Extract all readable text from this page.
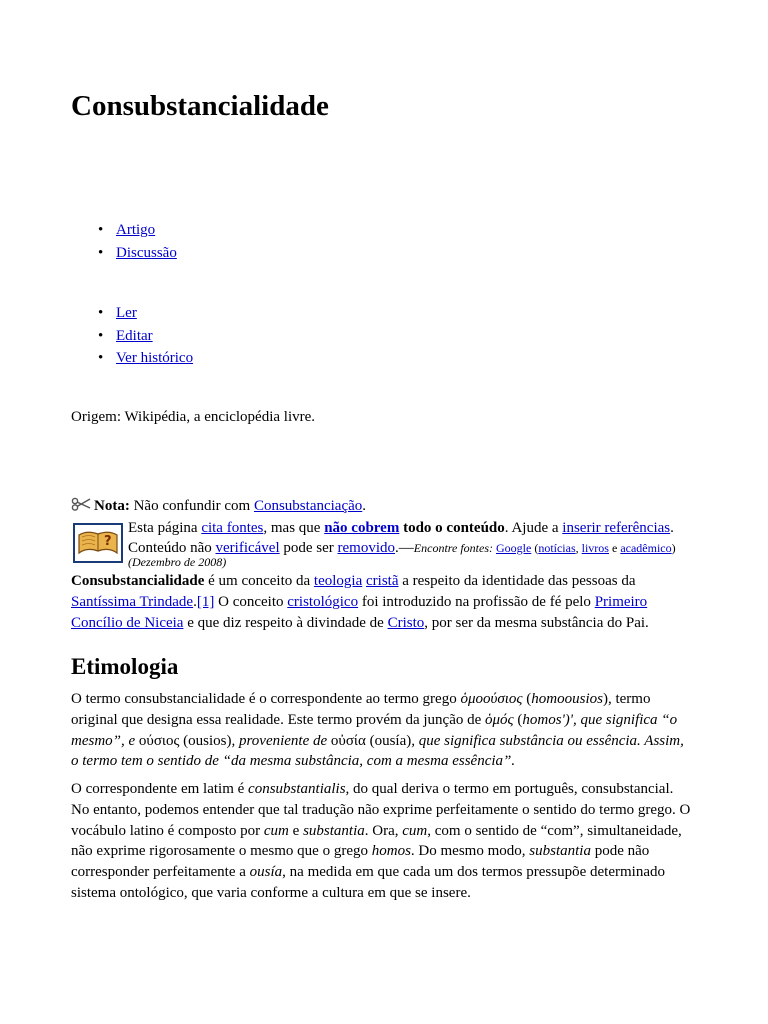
Consubstancialidade
• Artigo
• Discussão
• Ler
• Editar
• Ver histórico
Origem: Wikipédia, a enciclopédia livre.
Nota: Não confundir com Consubstanciação.
?
Esta página cita fontes, mas que não cobrem todo o conteúdo. Ajude a inserir referências.
Conteúdo não verificável pode ser removido.—Encontre fontes: Google (notícias, livros e acadêmico)
(Dezembro de 2008)
Consubstancialidade é um conceito da teologia cristã a respeito da identidade das pessoas da
Santíssima Trindade.[1] O conceito cristológico foi introduzido na profissão de fé pelo Primeiro
Concílio de Niceia e que diz respeito à divindade de Cristo, por ser da mesma substância do Pai.
Etimologia
O termo consubstancialidade é o correspondente ao termo grego ὁμοούσιος (homoousios), termo
original que designa essa realidade. Este termo provém da junção de ὁμός (homos')', que significa “o
mesmo”, e ούσιος (ousios), proveniente de οὐσία (ousía), que significa substância ou essência. Assim,
o termo tem o sentido de “da mesma substância, com a mesma essência”.
O correspondente em latim é consubstantialis, do qual deriva o termo em português, consubstancial.
No entanto, podemos entender que tal tradução não exprime perfeitamente o sentido do termo grego. O
vocábulo latino é composto por cum e substantia. Ora, cum, com o sentido de “com”, simultaneidade,
não exprime rigorosamente o mesmo que o grego homos. Do mesmo modo, substantia pode não
corresponder perfeitamente a ousía, na medida em que cada um dos termos pressupõe determinado
sistema ontológico, que varia conforme a cultura em que se insere.
